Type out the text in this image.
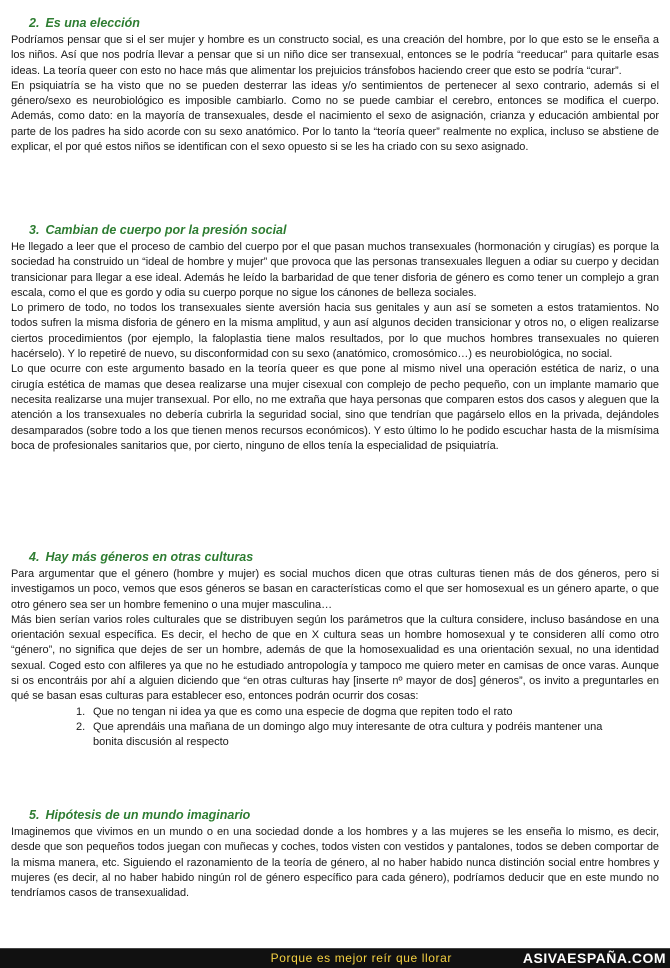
2. Es una elección

Podríamos pensar que si el ser mujer y hombre es un constructo social, es una creación del hombre, por lo que esto se le enseña a los niños. Así que nos podría llevar a pensar que si un niño dice ser transexual, entonces se le podría “reeducar” para quitarle esas ideas. La teoría queer con esto no hace más que alimentar los prejuicios tránsfobos haciendo creer que esto se podría “curar”.

En psiquiatría se ha visto que no se pueden desterrar las ideas y/o sentimientos de pertenecer al sexo contrario, además si el género/sexo es neurobiológico es imposible cambiarlo. Como no se puede cambiar el cerebro, entonces se modifica el cuerpo. Además, como dato: en la mayoría de transexuales, desde el nacimiento el sexo de asignación, crianza y educación ambiental por parte de los padres ha sido acorde con su sexo anatómico. Por lo tanto la “teoría queer” realmente no explica, incluso se abstiene de explicar, el por qué estos niños se identifican con el sexo opuesto si se les ha criado con su sexo asignado.

3. Cambian de cuerpo por la presión social

He llegado a leer que el proceso de cambio del cuerpo por el que pasan muchos transexuales (hormonación y cirugías) es porque la sociedad ha construido un “ideal de hombre y mujer” que provoca que las personas transexuales lleguen a odiar su cuerpo y decidan transicionar para llegar a ese ideal. Además he leído la barbaridad de que tener disforia de género es como tener un complejo a gran escala, como el que es gordo y odia su cuerpo porque no sigue los cánones de belleza sociales.

Lo primero de todo, no todos los transexuales siente aversión hacia sus genitales y aun así se someten a estos tratamientos. No todos sufren la misma disforia de género en la misma amplitud, y aun así algunos deciden transicionar y otros no, o eligen realizarse ciertos procedimientos (por ejemplo, la faloplastia tiene malos resultados, por lo que muchos hombres transexuales no quieren hacérselo). Y lo repetiré de nuevo, su disconformidad con su sexo (anatómico, cromosómico…) es neurobiológica, no social.

Lo que ocurre con este argumento basado en la teoría queer es que pone al mismo nivel una operación estética de nariz, o una cirugía estética de mamas que desea realizarse una mujer cisexual con complejo de pecho pequeño, con un implante mamario que necesita realizarse una mujer transexual. Por ello, no me extraña que haya personas que comparen estos dos casos y aleguen que la atención a los transexuales no debería cubrirla la seguridad social, sino que tendrían que pagárselo ellos en la privada, dejándoles desamparados (sobre todo a los que tienen menos recursos económicos). Y esto último lo he podido escuchar hasta de la mismísima boca de profesionales sanitarios que, por cierto, ninguno de ellos tenía la especialidad de psiquiatría.

4. Hay más géneros en otras culturas

Para argumentar que el género (hombre y mujer) es social muchos dicen que otras culturas tienen más de dos géneros, pero si investigamos un poco, vemos que esos géneros se basan en características como el que ser homosexual es un género aparte, o que otro género sea ser un hombre femenino o una mujer masculina…

Más bien serían varios roles culturales que se distribuyen según los parámetros que la cultura considere, incluso basándose en una orientación sexual específica. Es decir, el hecho de que en X cultura seas un hombre homosexual y te consideren allí como otro “género”, no significa que dejes de ser un hombre, además de que la homosexualidad es una orientación sexual, no una identidad sexual. Coged esto con alfileres ya que no he estudiado antropología y tampoco me quiero meter en camisas de once varas. Aunque si os encontráis por ahí a alguien diciendo que “en otras culturas hay [inserte nº mayor de dos] géneros”, os invito a preguntarles en qué se basan esas culturas para establecer eso, entonces podrán ocurrir dos cosas:

1. Que no tengan ni idea ya que es como una especie de dogma que repiten todo el rato
2. Que aprendáis una mañana de un domingo algo muy interesante de otra cultura y podréis mantener una bonita discusión al respecto
5. Hipótesis de un mundo imaginario

Imaginemos que vivimos en un mundo o en una sociedad donde a los hombres y a las mujeres se les enseña lo mismo, es decir, desde que son pequeños todos juegan con muñecas y coches, todos visten con vestidos y pantalones, todos se deben comportar de la misma manera, etc. Siguiendo el razonamiento de la teoría de género, al no haber habido nunca distinción social entre hombres y mujeres (es decir, al no haber habido ningún rol de género específico para cada género), podríamos deducir que en este mundo no tendríamos casos de transexualidad.

Porque es mejor reír que llorar	ASIVAESPAÑA.COM
